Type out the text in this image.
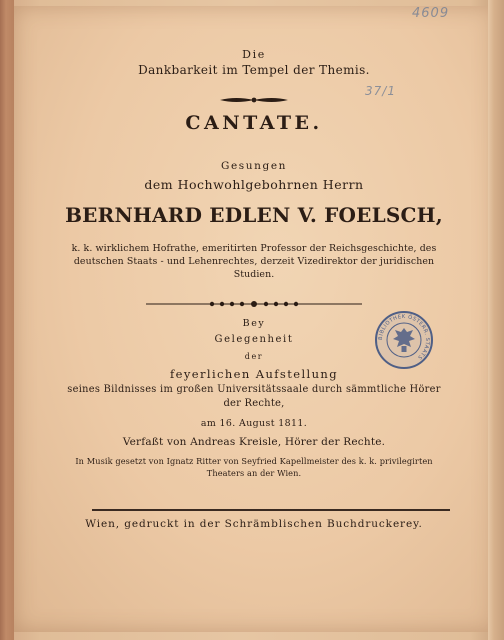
4609
37/1
Die
Dankbarkeit im Tempel der Themis.
CANTATE.
Gesungen
dem Hochwohlgebohrnen Herrn
BERNHARD EDLEN V. FOELSCH,
k. k. wirklichem Hofrathe, emeritirten Professor der Reichsgeschichte, des
deutschen Staats - und Lehenrechtes, derzeit Vizedirektor der juridischen
Studien.
Bey
Gelegenheit
der
feyerlichen Aufstellung
seines Bildnisses im großen Universitätssaale durch sämmtliche Hörer
der Rechte,
am 16. August 1811.
Verfaßt von Andreas Kreisle, Hörer der Rechte.
In Musik gesetzt von Ignatz Ritter von Seyfried Kapellmeister des k. k. privilegirten
Theaters an der Wien.
Wien, gedruckt in der Schrämblischen Buchdruckerey.
BIBLIOTHEK ÖSTERR. STAATS
